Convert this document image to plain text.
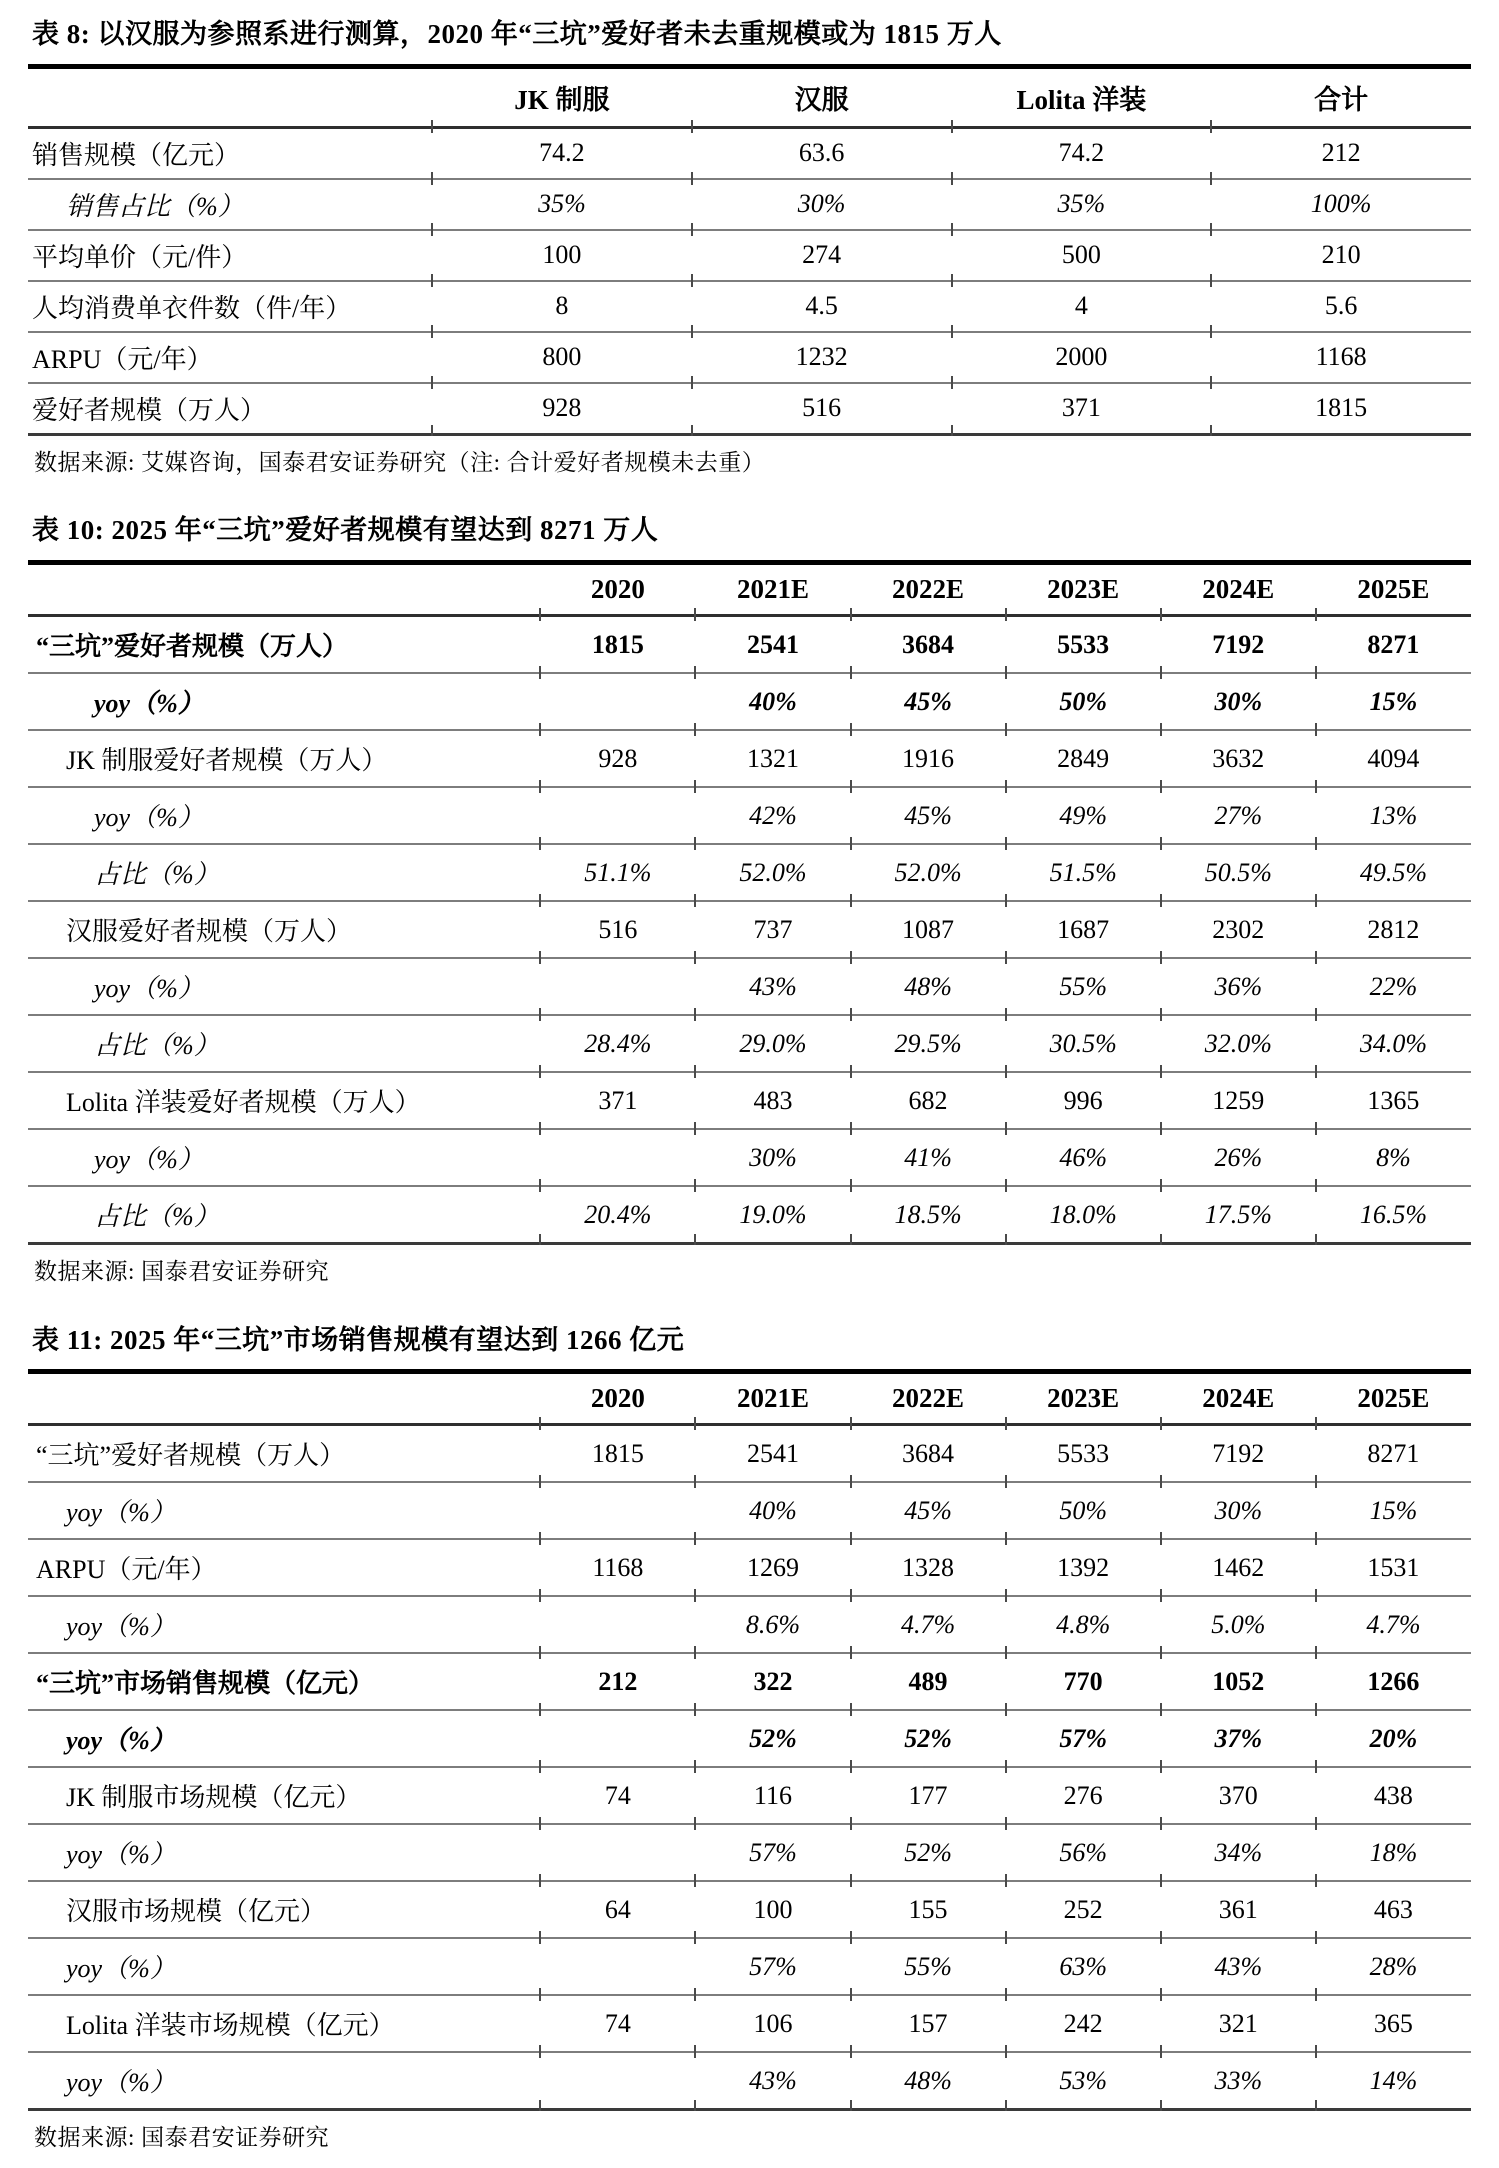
表 8: 以汉服为参照系进行测算，2020 年“三坑”爱好者未去重规模或为 1815 万人
	JK 制服	汉服	Lolita 洋装	合计
销售规模（亿元）	74.2	63.6	74.2	212
销售占比（%）	35%	30%	35%	100%
平均单价（元/件）	100	274	500	210
人均消费单衣件数（件/年）	8	4.5	4	5.6
ARPU（元/年）	800	1232	2000	1168
爱好者规模（万人）	928	516	371	1815
数据来源: 艾媒咨询，国泰君安证券研究（注: 合计爱好者规模未去重）
表 10: 2025 年“三坑”爱好者规模有望达到 8271 万人
	2020	2021E	2022E	2023E	2024E	2025E
“三坑”爱好者规模（万人）	1815	2541	3684	5533	7192	8271
yoy（%）		40%	45%	50%	30%	15%
JK 制服爱好者规模（万人）	928	1321	1916	2849	3632	4094
yoy（%）		42%	45%	49%	27%	13%
占比（%）	51.1%	52.0%	52.0%	51.5%	50.5%	49.5%
汉服爱好者规模（万人）	516	737	1087	1687	2302	2812
yoy（%）		43%	48%	55%	36%	22%
占比（%）	28.4%	29.0%	29.5%	30.5%	32.0%	34.0%
Lolita 洋装爱好者规模（万人）	371	483	682	996	1259	1365
yoy（%）		30%	41%	46%	26%	8%
占比（%）	20.4%	19.0%	18.5%	18.0%	17.5%	16.5%
数据来源: 国泰君安证券研究
表 11: 2025 年“三坑”市场销售规模有望达到 1266 亿元
	2020	2021E	2022E	2023E	2024E	2025E
“三坑”爱好者规模（万人）	1815	2541	3684	5533	7192	8271
yoy（%）		40%	45%	50%	30%	15%
ARPU（元/年）	1168	1269	1328	1392	1462	1531
yoy（%）		8.6%	4.7%	4.8%	5.0%	4.7%
“三坑”市场销售规模（亿元）	212	322	489	770	1052	1266
yoy（%）		52%	52%	57%	37%	20%
JK 制服市场规模（亿元）	74	116	177	276	370	438
yoy（%）		57%	52%	56%	34%	18%
汉服市场规模（亿元）	64	100	155	252	361	463
yoy（%）		57%	55%	63%	43%	28%
Lolita 洋装市场规模（亿元）	74	106	157	242	321	365
yoy（%）		43%	48%	53%	33%	14%
数据来源: 国泰君安证券研究
